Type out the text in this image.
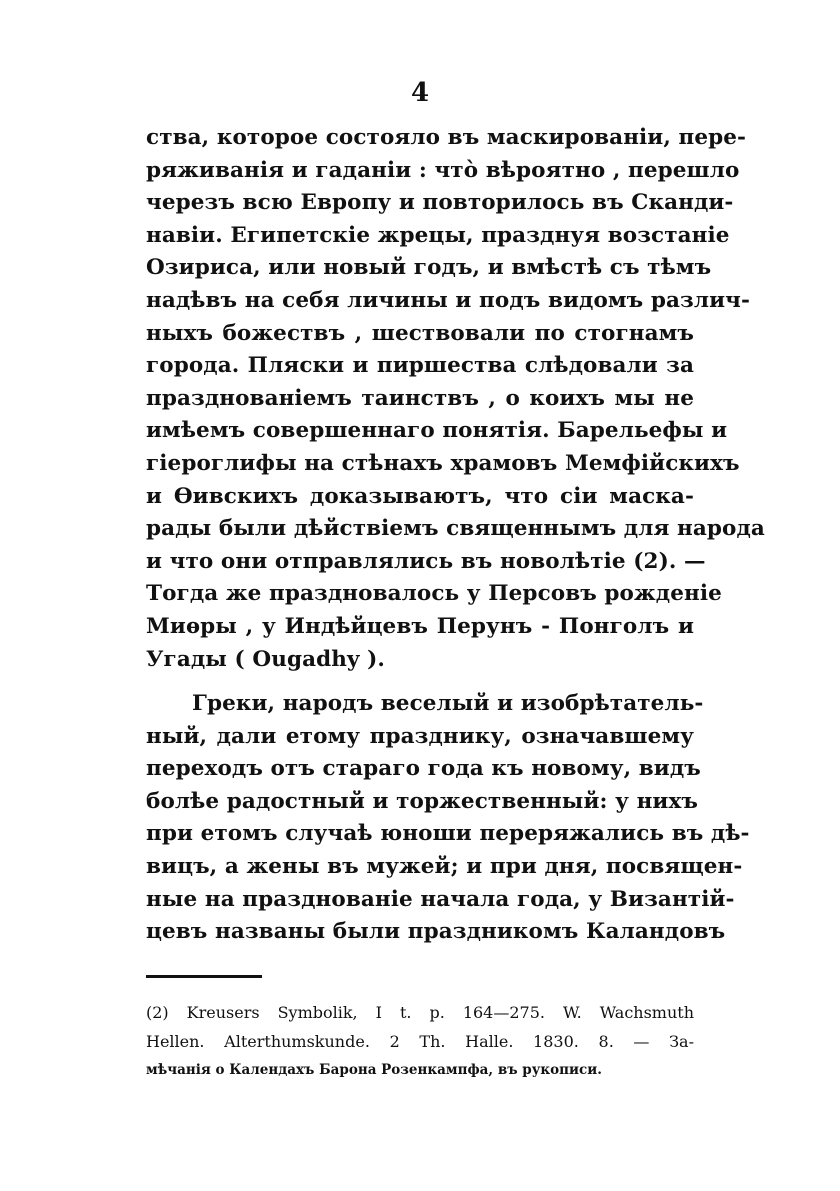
4
ства, которое состояло въ маскированіи, пере-
ряживанія и гаданіи : что̀ вѣроятно , перешло
черезъ всю Европу и повторилось въ Сканди-
навіи. Египетскіе жрецы, празднуя возстаніе
Озириса, или новый годъ, и вмѣстѣ съ тѣмъ
надѣвъ на себя личины и подъ видомъ различ-
ныхъ божествъ , шествовали по стогнамъ
города. Пляски и пиршества слѣдовали за
празднованіемъ таинствъ , о коихъ мы не
имѣемъ совершеннаго понятія. Барельефы и
гіероглифы на стѣнахъ храмовъ Мемфійскихъ
и Ѳивскихъ доказываютъ, что сіи маска-
рады были дѣйствіемъ священнымъ для народа
и что они отправлялись въ новолѣтіе (2). —
Тогда же праздновалось у Персовъ рожденіе
Миѳры , у Индѣйцевъ Перунъ - Понголъ и
Угады ( Ougadhy ).
Греки, народъ веселый и изобрѣтатель-
ный, дали етому празднику, означавшему
переходъ отъ стараго года къ новому, видъ
болѣе радостный и торжественный: у нихъ
при етомъ случаѣ юноши переряжались въ дѣ-
вицъ, а жены въ мужей; и при дня, посвящен-
ные на празднованіе начала года, у Византій-
цевъ названы были праздникомъ Каландовъ
(2) Kreusers Symbolik, I t. p. 164—275. W. Wachsmuth
Hellen. Alterthumskunde. 2 Th. Halle. 1830. 8. — За-
мѣчанія о Календахъ Барона Розенкампфа, въ рукописи.
